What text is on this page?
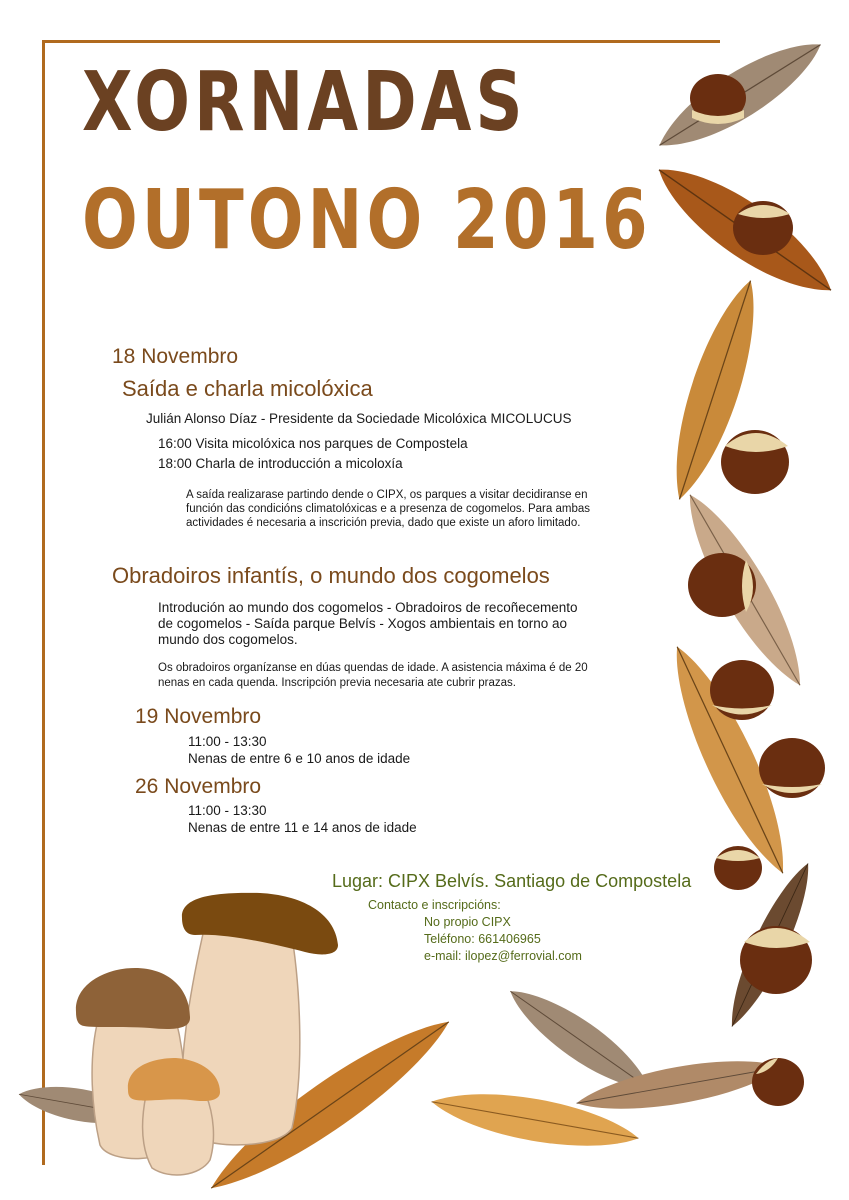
XORNADAS
OUTONO 2016
18 Novembro
Saída e charla micolóxica
Julián Alonso Díaz - Presidente da Sociedade Micolóxica MICOLUCUS
16:00 Visita micolóxica nos parques de Compostela
18:00 Charla de introducción a micoloxía
A saída realizarase partindo dende o CIPX, os parques a visitar decidiranse en
función das condicións climatolóxicas e a presenza de cogomelos. Para ambas
actividades é necesaria a inscrición previa, dado que existe un aforo limitado.
Obradoiros infantís, o mundo dos cogomelos
Introdución ao mundo dos cogomelos - Obradoiros de recoñecemento
de cogomelos - Saída parque Belvís - Xogos ambientais en torno ao
mundo dos cogomelos.
Os obradoiros organízanse en dúas quendas de idade. A asistencia máxima é de 20
nenas en cada quenda. Inscripción previa necesaria ate cubrir prazas.
19 Novembro
11:00 - 13:30
Nenas de entre 6 e 10 anos de idade
26 Novembro
11:00 - 13:30
Nenas de entre 11 e 14 anos de idade
Lugar: CIPX Belvís. Santiago de Compostela
Contacto e inscripcións:
No propio CIPX
Teléfono: 661406965
e-mail: ilopez@ferrovial.com
